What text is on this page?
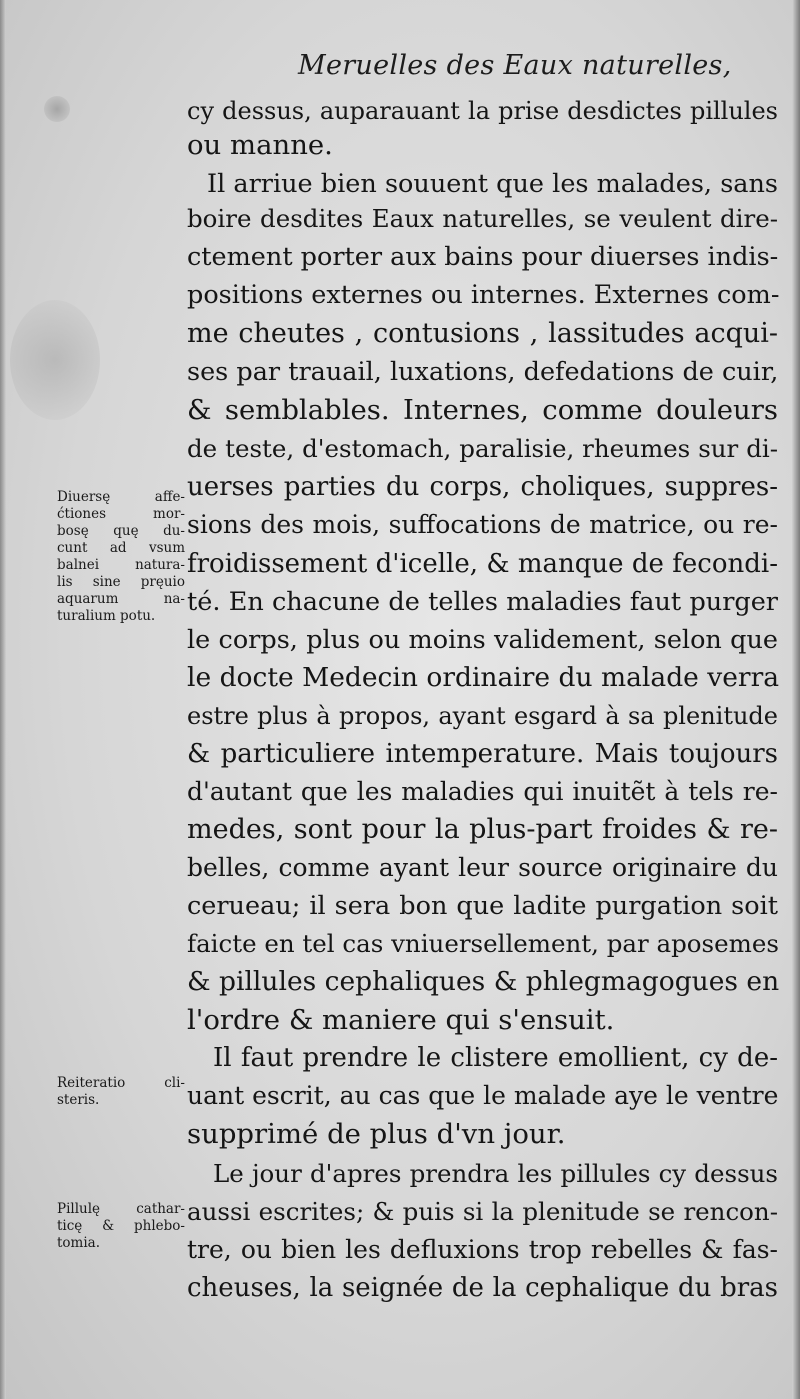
Meruelles des Eaux naturelles,
cy dessus, auparauant la prise desdictes pillules
ou manne.
Il arriue bien souuent que les malades, sans
boire desdites Eaux naturelles, se veulent dire-
ctement porter aux bains pour diuerses indis-
positions externes ou internes. Externes com-
me cheutes , contusions , lassitudes acqui-
ses par trauail, luxations, defedations de cuir,
& semblables. Internes, comme douleurs
de teste, d'estomach, paralisie, rheumes sur di-
uerses parties du corps, choliques, suppres-
sions des mois, suffocations de matrice, ou re-
froidissement d'icelle, & manque de fecondi-
té. En chacune de telles maladies faut purger
le corps, plus ou moins validement, selon que
le docte Medecin ordinaire du malade verra
estre plus à propos, ayant esgard à sa plenitude
& particuliere intemperature. Mais toujours
d'autant que les maladies qui inuitẽt à tels re-
medes, sont pour la plus-part froides & re-
belles, comme ayant leur source originaire du
cerueau; il sera bon que ladite purgation soit
faicte en tel cas vniuersellement, par aposemes
& pillules cephaliques & phlegmagogues en
l'ordre & maniere qui s'ensuit.
Il faut prendre le clistere emollient, cy de-
uant escrit, au cas que le malade aye le ventre
supprimé de plus d'vn jour.
Le jour d'apres prendra les pillules cy dessus
aussi escrites; & puis si la plenitude se rencon-
tre, ou bien les defluxions trop rebelles & fas-
cheuses, la seignée de la cephalique du bras
Diuersę affe-
ćtiones mor-
bosę quę du-
cunt ad vsum
balnei natura-
lis sine pręuio
aquarum na-
turalium potu.
Reiteratio cli-
steris.
Pillulę cathar-
ticę & phlebo-
tomia.
